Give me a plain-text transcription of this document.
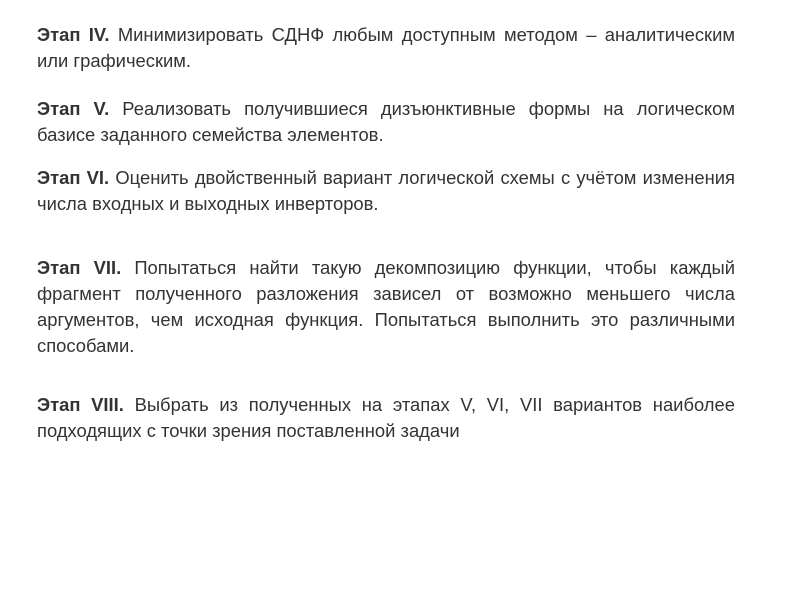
Этап IV. Минимизировать СДНФ любым доступным методом – аналитическим или графическим.

Этап V. Реализовать получившиеся дизъюнктивные формы на логическом базисе заданного семейства элементов.

Этап VI. Оценить двойственный вариант логической схемы с учётом изменения числа входных и выходных инверторов.

Этап VII. Попытаться найти такую декомпозицию функции, чтобы каждый фрагмент полученного разложения зависел от возможно меньшего числа аргументов, чем исходная функция. Попытаться выполнить это различными способами.

Этап VIII. Выбрать из полученных на этапах V, VI, VII вариантов наиболее подходящих с точки зрения поставленной задачи
